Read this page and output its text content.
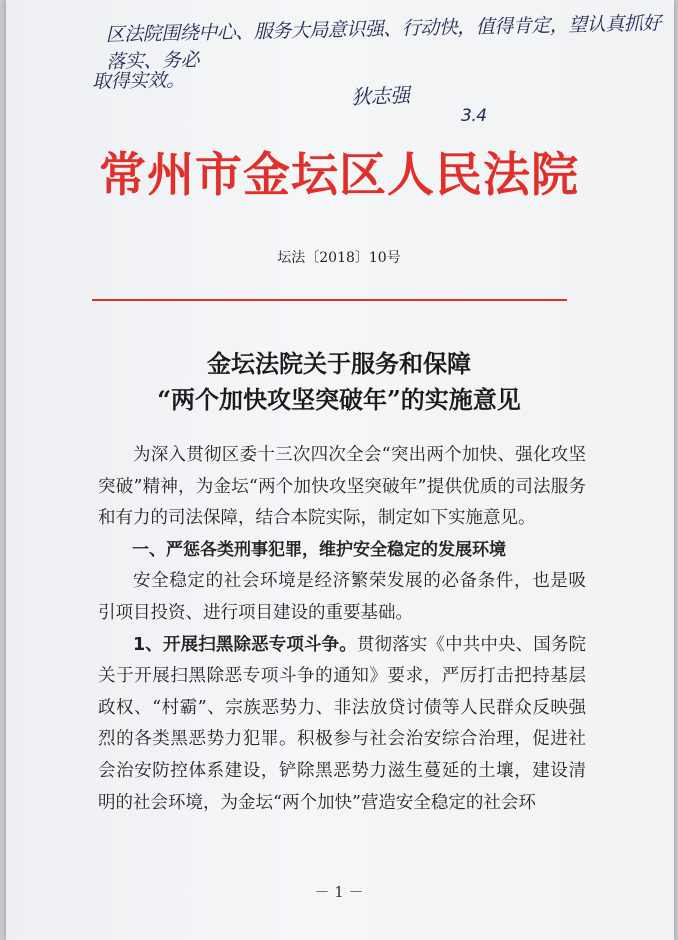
区法院围绕中心、服务大局意识强、行动快，值得肯定，望认真抓好落实、务必
取得实效。
狄志强
3.4
常州市金坛区人民法院
坛法〔2018〕10号
金坛法院关于服务和保障
“两个加快攻坚突破年”的实施意见

为深入贯彻区委十三次四次全会“突出两个加快、强化攻坚突破”精神，为金坛“两个加快攻坚突破年”提供优质的司法服务和有力的司法保障，结合本院实际，制定如下实施意见。

一、严惩各类刑事犯罪，维护安全稳定的发展环境

安全稳定的社会环境是经济繁荣发展的必备条件，也是吸引项目投资、进行项目建设的重要基础。

1、开展扫黑除恶专项斗争。贯彻落实《中共中央、国务院关于开展扫黑除恶专项斗争的通知》要求，严厉打击把持基层政权、“村霸”、宗族恶势力、非法放贷讨债等人民群众反映强烈的各类黑恶势力犯罪。积极参与社会治安综合治理，促进社会治安防控体系建设，铲除黑恶势力滋生蔓延的土壤，建设清明的社会环境，为金坛“两个加快”营造安全稳定的社会环

－ 1 －
